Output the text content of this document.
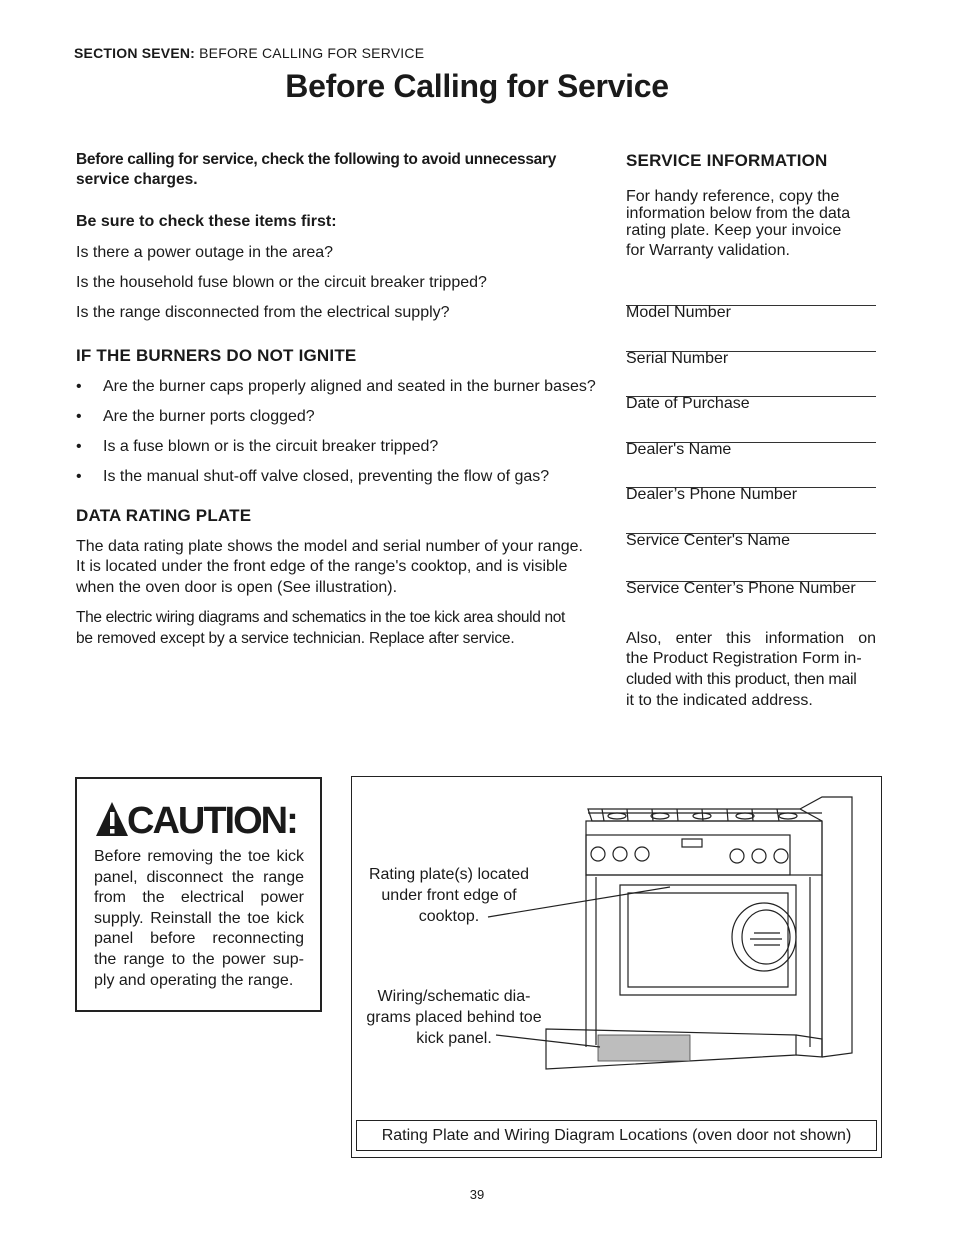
SECTION SEVEN: BEFORE CALLING FOR SERVICE
Before Calling for Service
Before calling for service, check the following to avoid unnecessary
service charges.
Be sure to check these items first:
Is there a power outage in the area?
Is the household fuse blown or the circuit breaker tripped?
Is the range disconnected from the electrical supply?
IF THE BURNERS DO NOT IGNITE
• Are the burner caps properly aligned and seated in the burner bases?
• Are the burner ports clogged?
• Is a fuse blown or is the circuit breaker tripped?
• Is the manual shut-off valve closed, preventing the flow of gas?
DATA RATING PLATE
The data rating plate shows the model and serial number of your range.
It is located under the front edge of the range's cooktop, and is visible
when the oven door is open (See illustration).
The electric wiring diagrams and schematics in the toe kick area should not
be removed except by a service technician. Replace after service.
SERVICE INFORMATION
For handy reference, copy the
information below from the data
rating plate. Keep your invoice
for Warranty validation.
Model Number
Serial Number
Date of Purchase
Dealer's Name
Dealer’s Phone Number
Service Center's Name
Service Center’s Phone Number
Also, enter this information on
the Product Registration Form in-
cluded with this product, then mail
it to the indicated address.
CAUTION:
Before removing the toe kick panel, disconnect the range from the electrical power supply. Reinstall the toe kick panel before reconnecting the range to the power sup-ply and operating the range.
Rating plate(s) located
under front edge of
cooktop.
Wiring/schematic dia-
grams placed behind toe
kick panel.
Rating Plate and Wiring Diagram Locations (oven door not shown)
39
